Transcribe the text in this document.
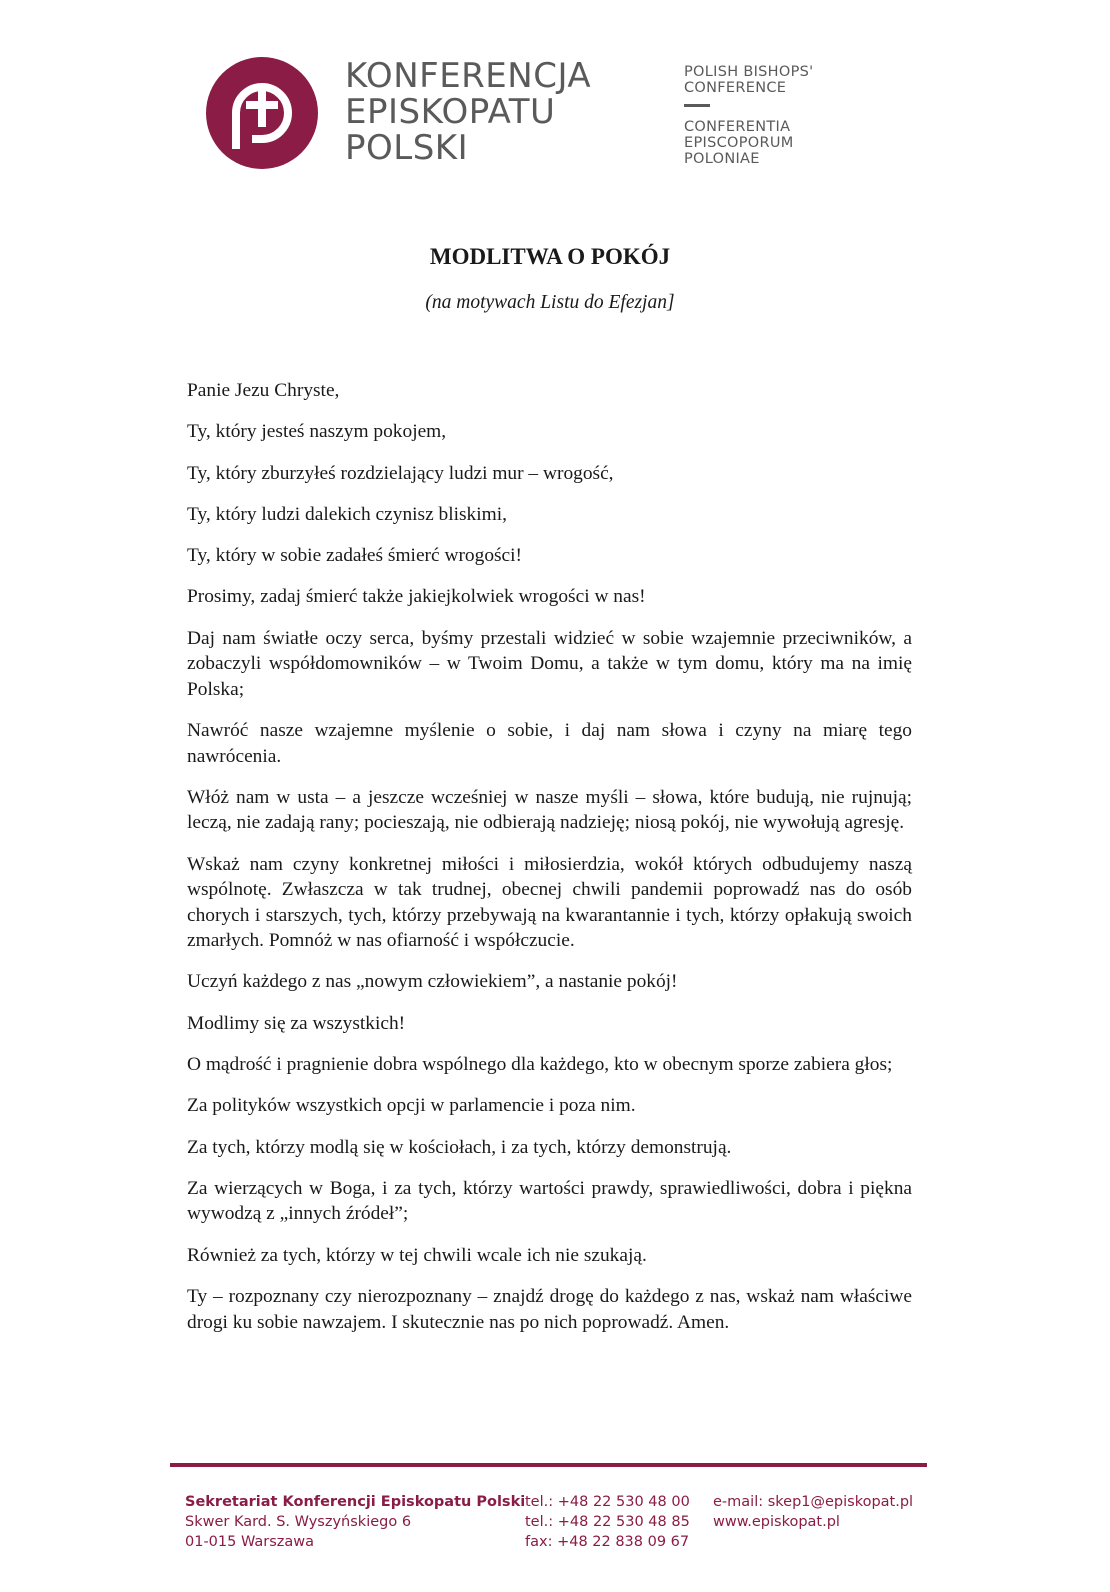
KONFERENCJA
EPISKOPATU
POLSKI
POLISH BISHOPS'
CONFERENCE
CONFERENTIA
EPISCOPORUM
POLONIAE
MODLITWA O POKÓJ

(na motywach Listu do Efezjan]

Panie Jezu Chryste,

Ty, który jesteś naszym pokojem,

Ty, który zburzyłeś rozdzielający ludzi mur – wrogość,

Ty, który ludzi dalekich czynisz bliskimi,

Ty, który w sobie zadałeś śmierć wrogości!

Prosimy, zadaj śmierć także jakiejkolwiek wrogości w nas!

Daj nam światłe oczy serca, byśmy przestali widzieć w sobie wzajemnie przeciwników, a zobaczyli współdomowników – w Twoim Domu, a także w tym domu, który ma na imię Polska;

Nawróć nasze wzajemne myślenie o sobie, i daj nam słowa i czyny na miarę tego nawrócenia.

Włóż nam w usta – a jeszcze wcześniej w nasze myśli – słowa, które budują, nie rujnują; leczą, nie zadają rany; pocieszają, nie odbierają nadzieję; niosą pokój, nie wywołują agresję.

Wskaż nam czyny konkretnej miłości i miłosierdzia, wokół których odbudujemy naszą wspólnotę. Zwłaszcza w tak trudnej, obecnej chwili pandemii poprowadź nas do osób chorych i starszych, tych, którzy przebywają na kwarantannie i tych, którzy opłakują swoich zmarłych. Pomnóż w nas ofiarność i współczucie.

Uczyń każdego z nas „nowym człowiekiem”, a nastanie pokój!

Modlimy się za wszystkich!

O mądrość i pragnienie dobra wspólnego dla każdego, kto w obecnym sporze zabiera głos;

Za polityków wszystkich opcji w parlamencie i poza nim.

Za tych, którzy modlą się w kościołach, i za tych, którzy demonstrują.

Za wierzących w Boga, i za tych, którzy wartości prawdy, sprawiedliwości, dobra i piękna wywodzą z „innych źródeł”;

Również za tych, którzy w tej chwili wcale ich nie szukają.

Ty – rozpoznany czy nierozpoznany – znajdź drogę do każdego z nas, wskaż nam właściwe drogi ku sobie nawzajem. I skutecznie nas po nich poprowadź. Amen.

Sekretariat Konferencji Episkopatu Polski
Skwer Kard. S. Wyszyńskiego 6
01-015 Warszawa
tel.: +48 22 530 48 00
tel.: +48 22 530 48 85
fax: +48 22 838 09 67
e-mail: skep1@episkopat.pl
www.episkopat.pl
